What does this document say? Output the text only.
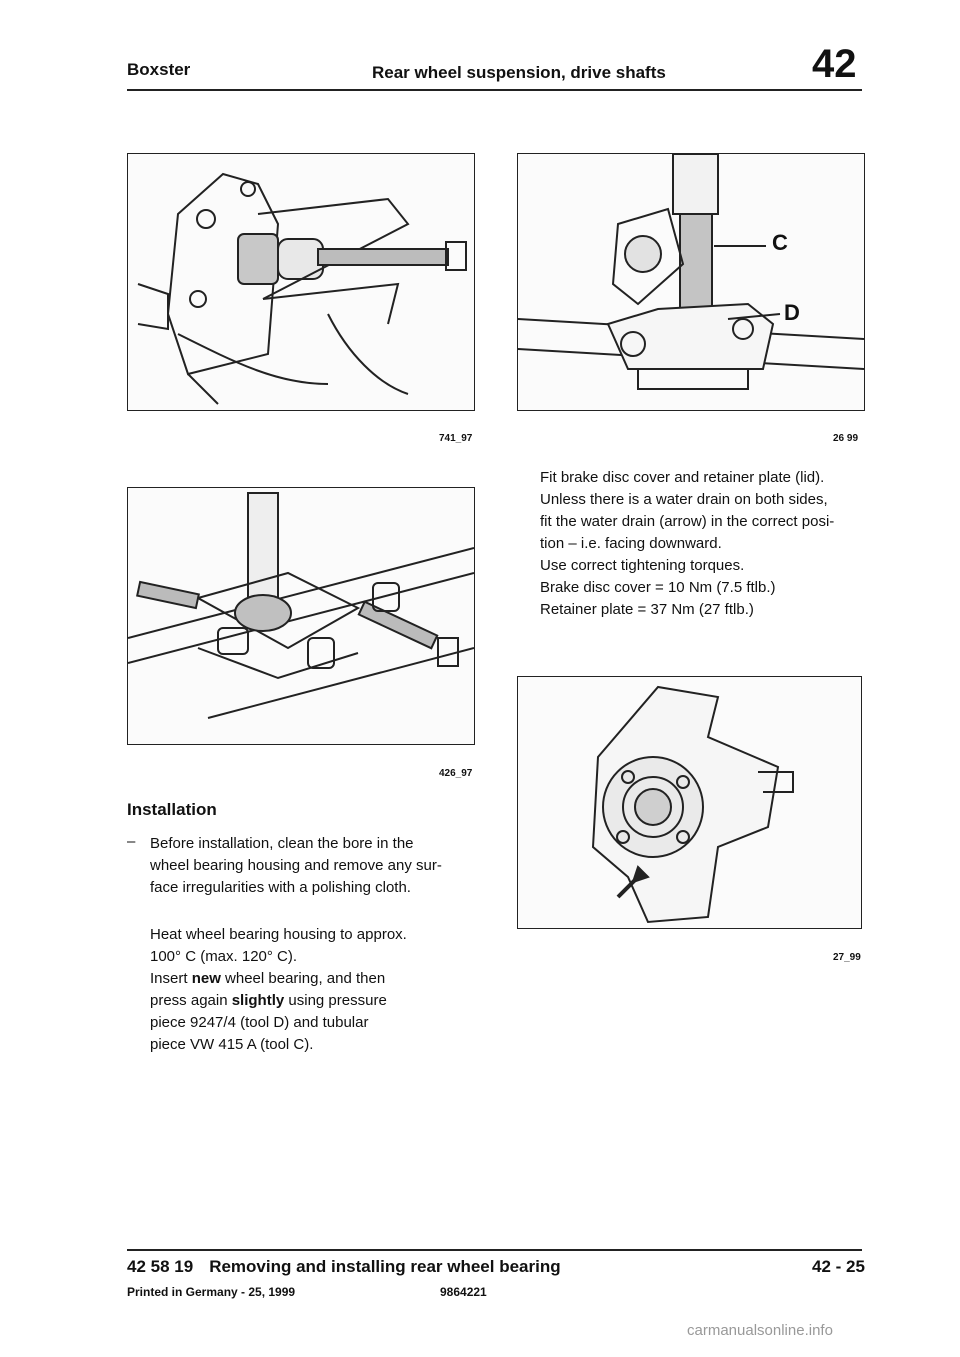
Boxster	Rear wheel suspension, drive shafts	42
741_97
426_97
C
D
26 99

Fit brake disc cover and retainer plate (lid).

Unless there is a water drain on both sides,

fit the water drain (arrow) in the correct posi-

tion – i.e. facing downward.

Use correct tightening torques.

Brake disc cover = 10 Nm (7.5 ftlb.)

Retainer plate = 37 Nm (27 ftlb.)

27_99
Installation
– Before installation, clean the bore in the

wheel bearing housing and remove any sur-

face irregularities with a polishing cloth.

Heat wheel bearing housing to approx.

100° C (max. 120° C).

Insert new wheel bearing, and then

press again slightly using pressure

piece 9247/4 (tool D) and tubular

piece VW 415 A (tool C).

42 58 19 Removing and installing rear wheel bearing	42 - 25
Printed in Germany - 25, 1999	9864221
carmanualsonline.info
